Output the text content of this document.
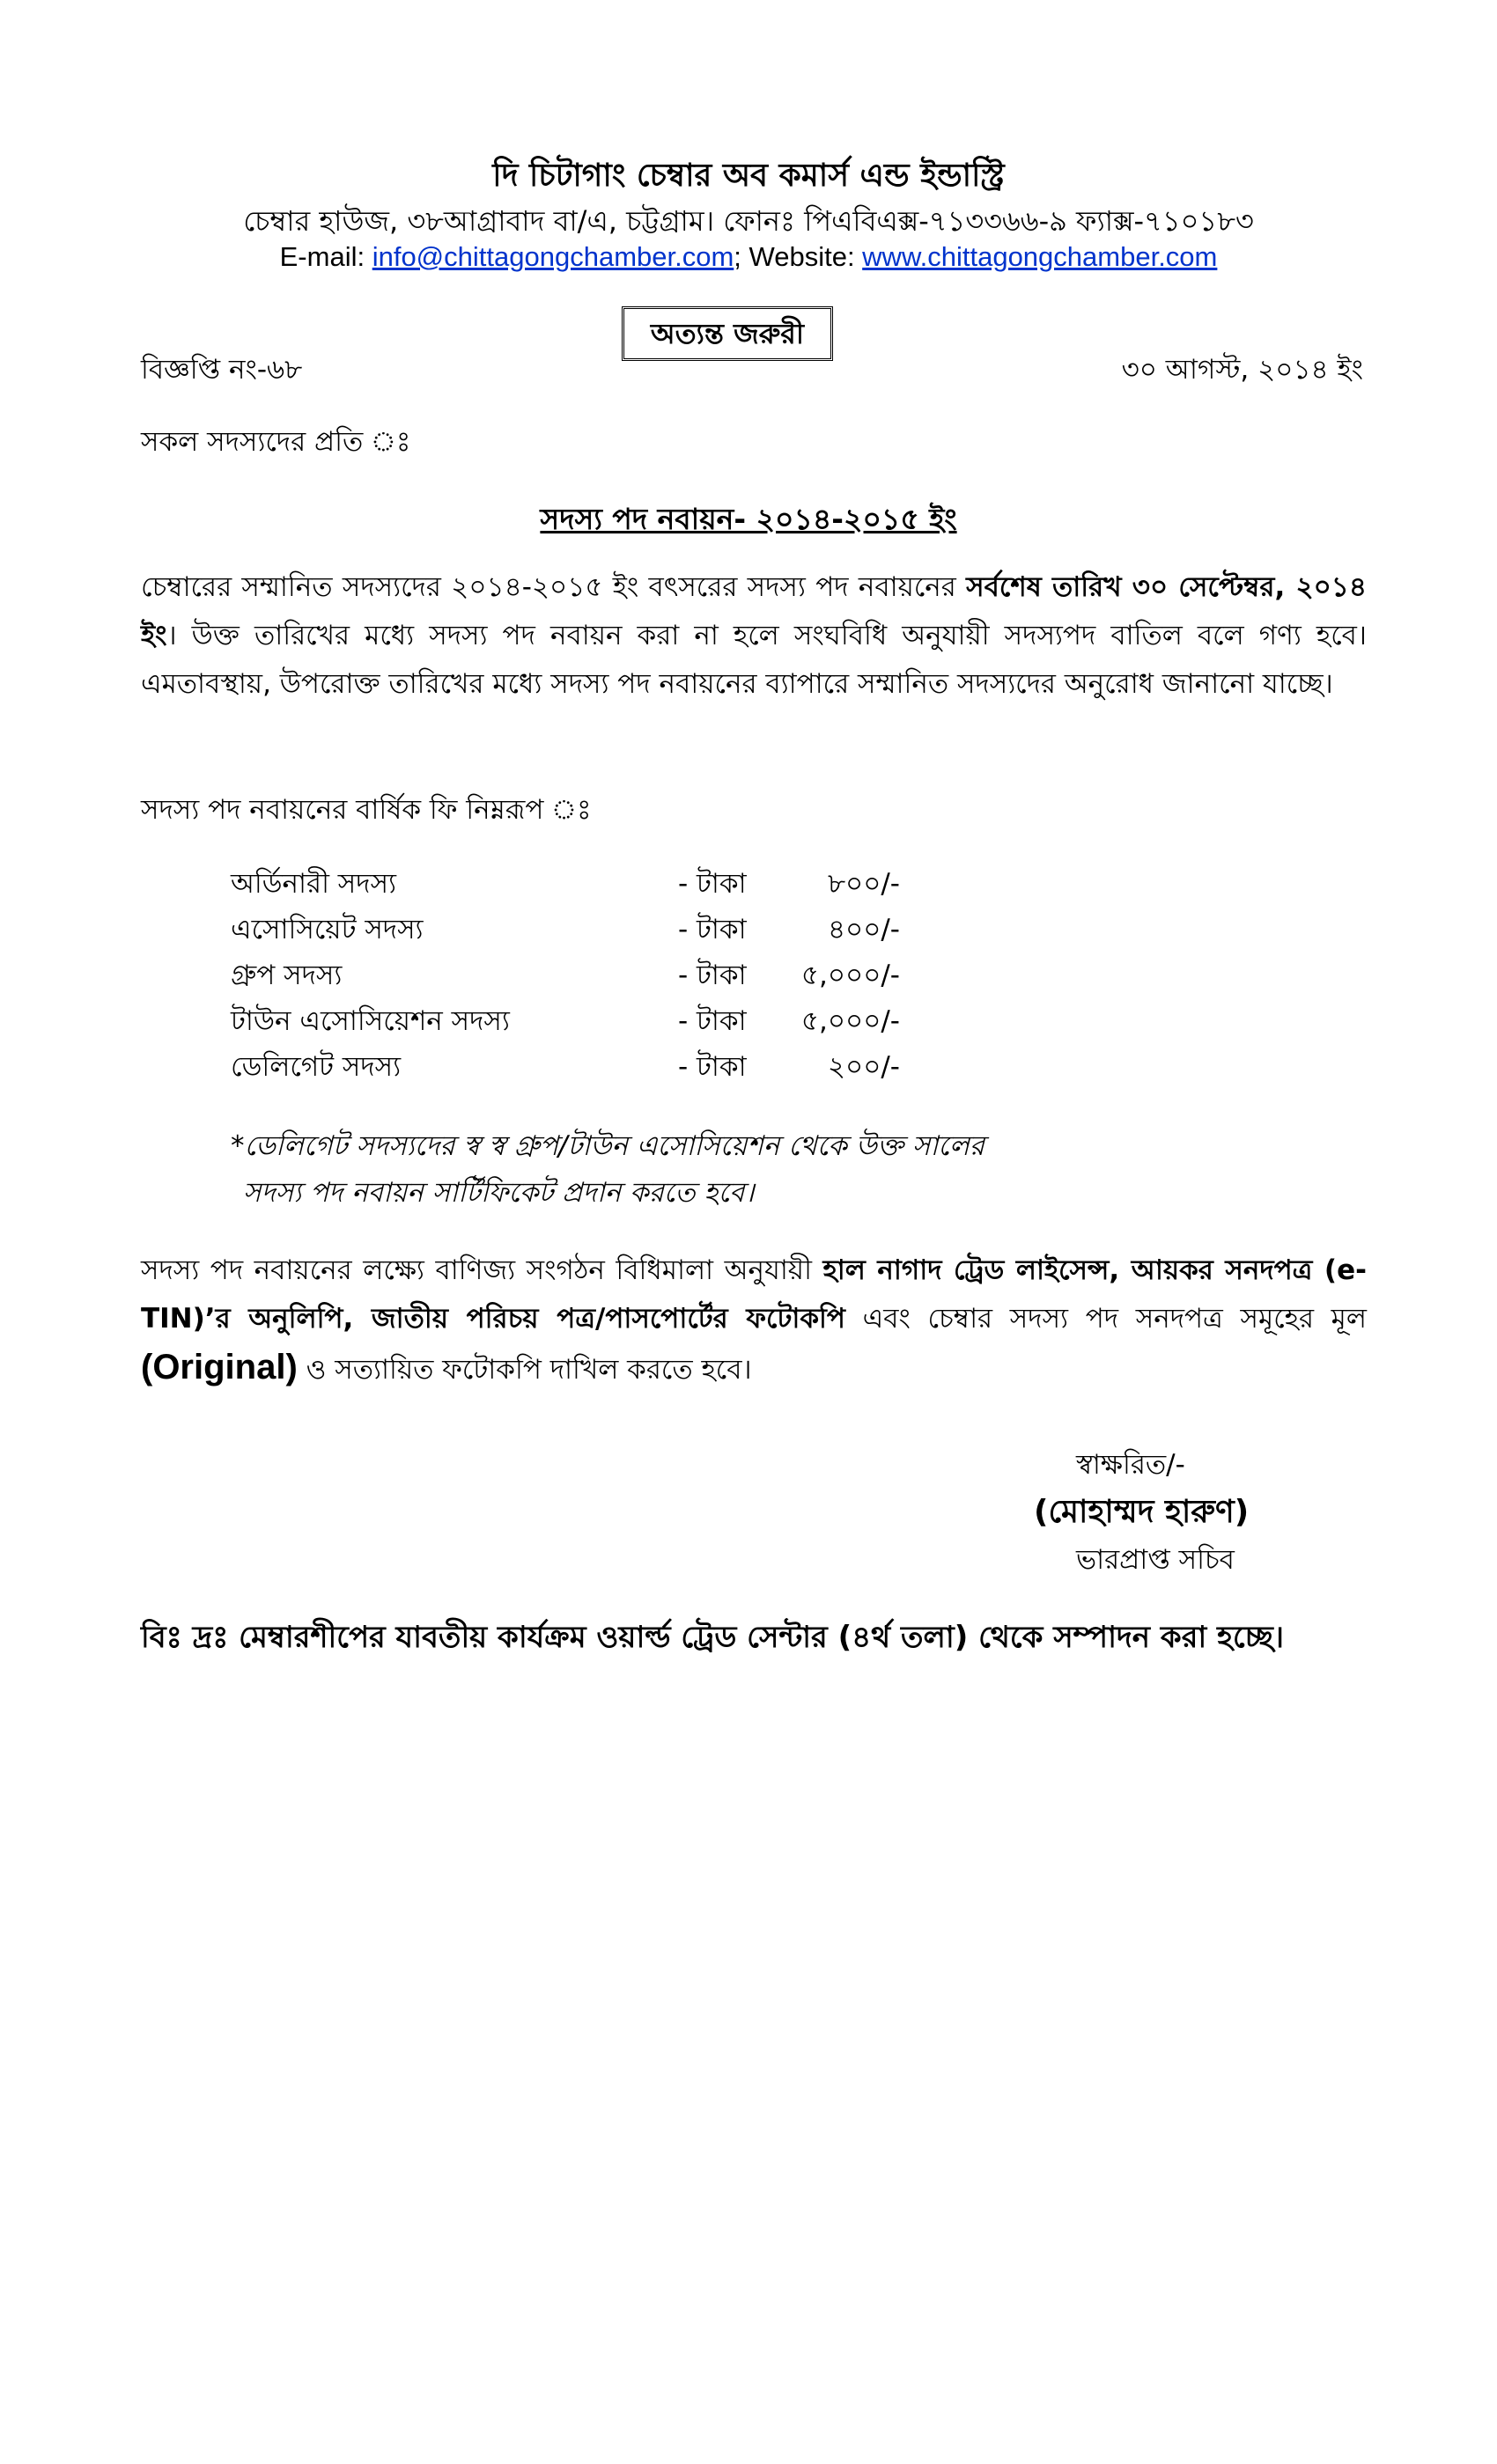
দি চিটাগাং চেম্বার অব কমার্স এন্ড ইন্ডাস্ট্রি
চেম্বার হাউজ, ৩৮আগ্রাবাদ বা/এ, চট্টগ্রাম। ফোনঃ পিএবিএক্স-৭১৩৩৬৬-৯ ফ্যাক্স-৭১০১৮৩
E-mail: info@chittagongchamber.com; Website: www.chittagongchamber.com
অত্যন্ত জরুরী
বিজ্ঞপ্তি নং-৬৮	৩০ আগস্ট, ২০১৪ ইং
সকল সদস্যদের প্রতি ঃ
সদস্য পদ নবায়ন- ২০১৪-২০১৫ ইং
চেম্বারের সম্মানিত সদস্যদের ২০১৪-২০১৫ ইং বৎসরের সদস্য পদ নবায়নের সর্বশেষ তারিখ ৩০ সেপ্টেম্বর, ২০১৪ ইং। উক্ত তারিখের মধ্যে সদস্য পদ নবায়ন করা না হলে সংঘবিধি অনুযায়ী সদস্যপদ বাতিল বলে গণ্য হবে। এমতাবস্থায়, উপরোক্ত তারিখের মধ্যে সদস্য পদ নবায়নের ব্যাপারে সম্মানিত সদস্যদের অনুরোধ জানানো যাচ্ছে।
সদস্য পদ নবায়নের বার্ষিক ফি নিম্নরূপ ঃ
অর্ডিনারী সদস্য	- টাকা	৮০০/-
এসোসিয়েট সদস্য	- টাকা	৪০০/-
গ্রুপ সদস্য	- টাকা ৫,০০০/-
টাউন এসোসিয়েশন সদস্য	- টাকা ৫,০০০/-
ডেলিগেট সদস্য	- টাকা	২০০/-
*ডেলিগেট সদস্যদের স্ব স্ব গ্রুপ/টাউন এসোসিয়েশন থেকে উক্ত সালের
সদস্য পদ নবায়ন সার্টিফিকেট প্রদান করতে হবে।
সদস্য পদ নবায়নের লক্ষ্যে বাণিজ্য সংগঠন বিধিমালা অনুযায়ী হাল নাগাদ ট্রেড লাইসেন্স, আয়কর সনদপত্র (e-TIN)’র অনুলিপি, জাতীয় পরিচয় পত্র/পাসপোর্টের ফটোকপি এবং চেম্বার সদস্য পদ সনদপত্র সমূহের মূল (Original) ও সত্যায়িত ফটোকপি দাখিল করতে হবে।
স্বাক্ষরিত/-
(মোহাম্মদ হারুণ)
ভারপ্রাপ্ত সচিব
বিঃ দ্রঃ মেম্বারশীপের যাবতীয় কার্যক্রম ওয়ার্ল্ড ট্রেড সেন্টার (৪র্থ তলা) থেকে সম্পাদন করা হচ্ছে।
